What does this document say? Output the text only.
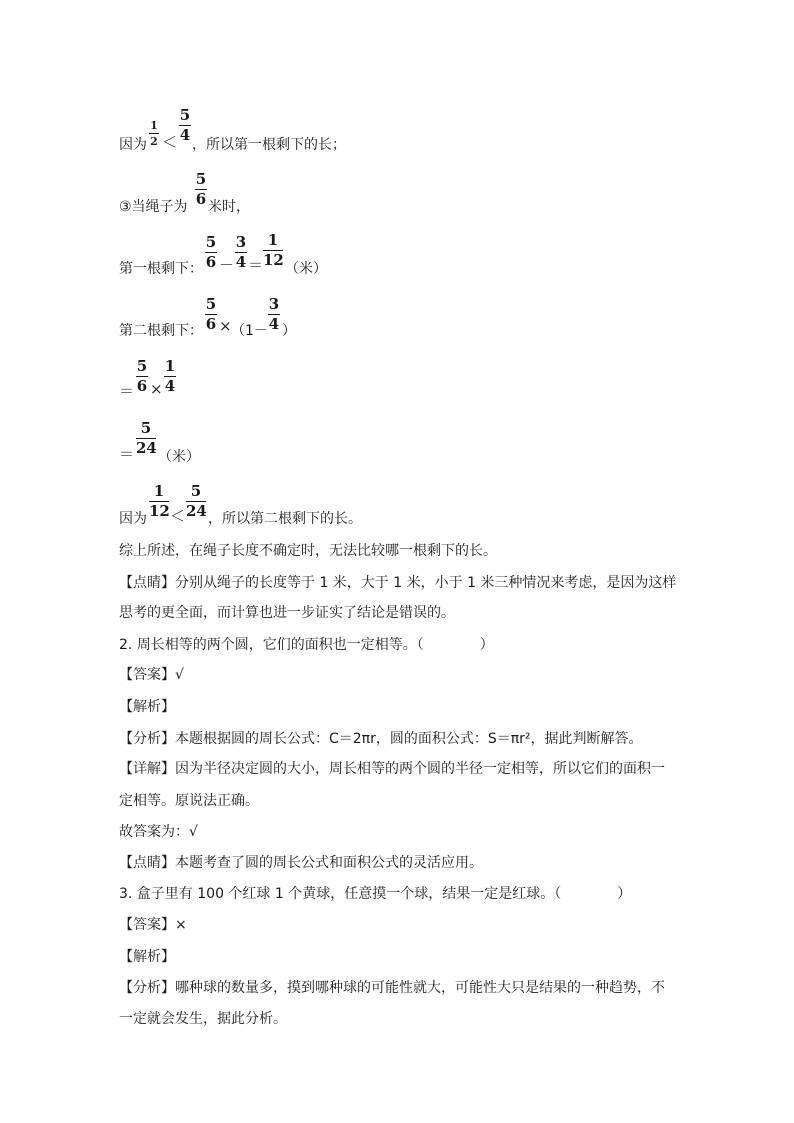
因为
1
2 ＜
5
4
，所以第一根剩下的长；
③当绳子为
5
6 米时，
第一根剩下：
5
6 －
3
4 ＝
1
12 （米）
第二根剩下：
5
6 × （1－
3
4 ）
＝
5
6 ×
1
4
＝
5
24 （米）
因为
1
12 ＜
5
24 ，所以第二根剩下的长。
综上所述，在绳子长度不确定时，无法比较哪一根剩下的长。
【点睛】分别从绳子的长度等于 1 米，大于 1 米，小于 1 米三种情况来考虑，是因为这样
思考的更全面，而计算也进一步证实了结论是错误的。
2. 周长相等的两个圆，它们的面积也一定相等。（　　　　）
【答案】√
【解析】
【分析】本题根据圆的周长公式：C＝2πr，圆的面积公式：S＝πr²，据此判断解答。
【详解】因为半径决定圆的大小，周长相等的两个圆的半径一定相等，所以它们的面积一
定相等。原说法正确。
故答案为：√
【点睛】本题考查了圆的周长公式和面积公式的灵活应用。
3. 盒子里有 100 个红球 1 个黄球，任意摸一个球，结果一定是红球。（　　　　）
【答案】×
【解析】
【分析】哪种球的数量多，摸到哪种球的可能性就大，可能性大只是结果的一种趋势，不
一定就会发生，据此分析。
